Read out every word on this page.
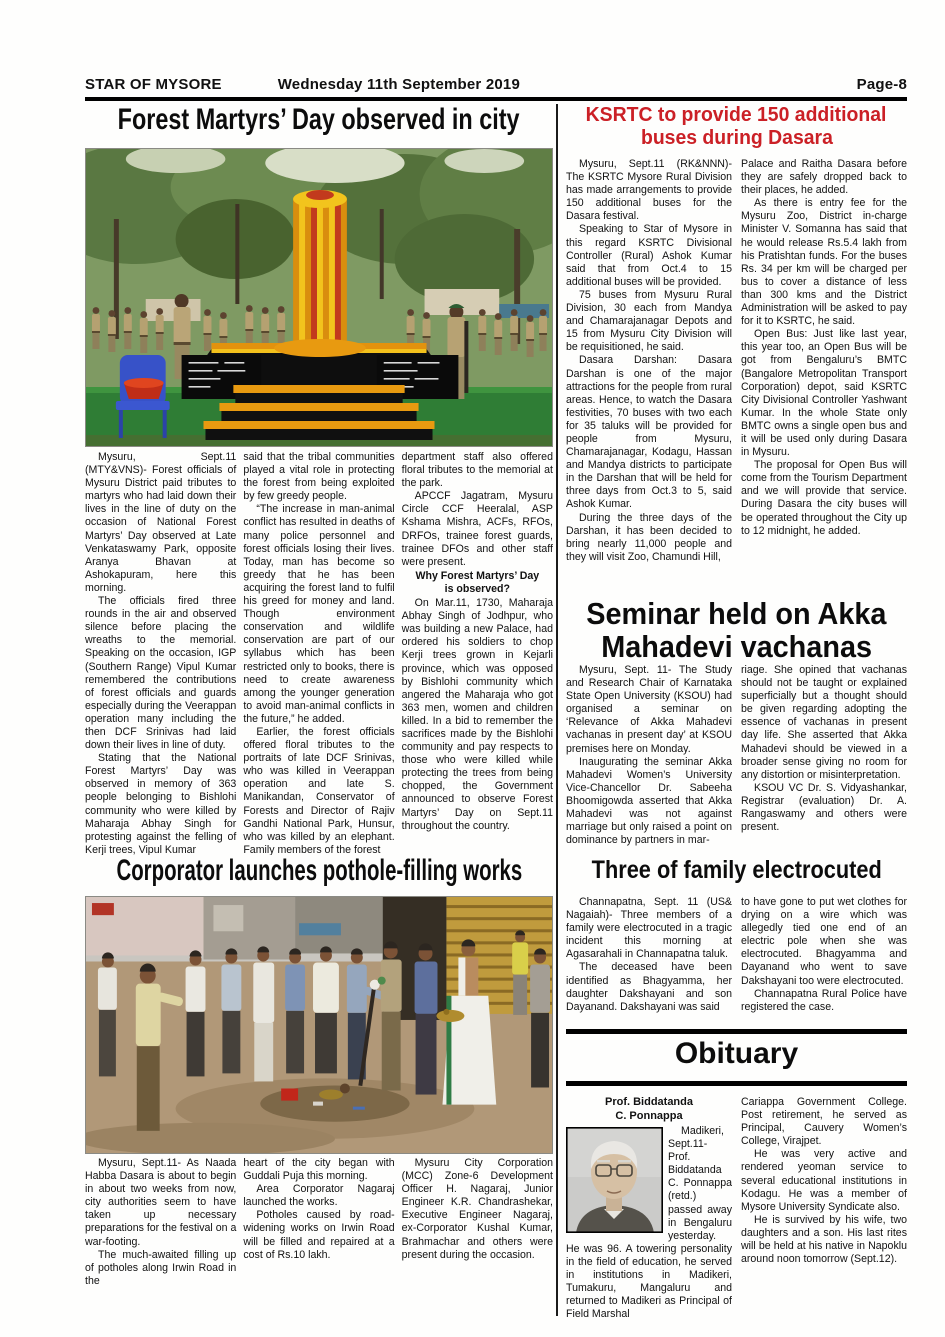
STAR OF MYSORE	Wednesday 11th September 2019	Page-8
Forest Martyrs’ Day observed in city

Mysuru, Sept.11 (MTY&VNS)- Forest officials of Mysuru District paid tributes to martyrs who had laid down their lives in the line of duty on the occasion of National Forest Martyrs’ Day observed at Late Venkataswamy Park, opposite Aranya Bhavan at Ashokapuram, here this morning.

The officials fired three rounds in the air and observed silence before placing the wreaths to the memorial. Speaking on the occasion, IGP (Southern Range) Vipul Kumar remembered the contributions of forest officials and guards especially during the Veerappan operation many including the then DCF Srinivas had laid down their lives in line of duty.

Stating that the National Forest Martyrs’ Day was observed in memory of 363 people belonging to Bishlohi community who were killed by Maharaja Abhay Singh for protesting against the felling of Kerji trees, Vipul Kumar

said that the tribal communities played a vital role in protecting the forest from being exploited by few greedy people.

“The increase in man-animal conflict has resulted in deaths of many police personnel and forest officials losing their lives. Today, man has become so greedy that he has been acquiring the forest land to fulfil his greed for money and land. Though environment conservation and wildlife conservation are part of our syllabus which has been restricted only to books, there is need to create awareness among the younger generation to avoid man-animal conflicts in the future,” he added.

Earlier, the forest officials offered floral tributes to the portraits of late DCF Srinivas, who was killed in Veerappan operation and late S. Manikandan, Conservator of Forests and Director of Rajiv Gandhi National Park, Hunsur, who was killed by an elephant. Family members of the forest

department staff also offered floral tributes to the memorial at the park.

APCCF Jagatram, Mysuru Circle CCF Heeralal, ASP Kshama Mishra, ACFs, RFOs, DRFOs, trainee forest guards, trainee DFOs and other staff were present.

Why Forest Martyrs’ Day
is observed?

On Mar.11, 1730, Maharaja Abhay Singh of Jodhpur, who was building a new Palace, had ordered his soldiers to chop Kerji trees grown in Kejarli province, which was opposed by Bishlohi community which angered the Maharaja who got 363 men, women and children killed. In a bid to remember the sacrifices made by the Bishlohi community and pay respects to those who were killed while protecting the trees from being chopped, the Government announced to observe Forest Martyrs’ Day on Sept.11 throughout the country.

Corporator launches pothole-filling works

Mysuru, Sept.11- As Naada Habba Dasara is about to begin in about two weeks from now, city authorities seem to have taken up necessary preparations for the festival on a war-footing.

The much-awaited filling up of potholes along Irwin Road in the

heart of the city began with Guddali Puja this morning.

Area Corporator Nagaraj launched the works.

Potholes caused by road-widening works on Irwin Road will be filled and repaired at a cost of Rs.10 lakh.

Mysuru City Corporation (MCC) Zone-6 Development Officer H. Nagaraj, Junior Engineer K.R. Chandrashekar, Executive Engineer Nagaraj, ex-Corporator Kushal Kumar, Brahmachar and others were present during the occasion.

KSRTC to provide 150 additional
buses during Dasara

Mysuru, Sept.11 (RK&NNN)- The KSRTC Mysore Rural Division has made arrangements to provide 150 additional buses for the Dasara festival.

Speaking to Star of Mysore in this regard KSRTC Divisional Controller (Rural) Ashok Kumar said that from Oct.4 to 15 additional buses will be provided.

75 buses from Mysuru Rural Division, 30 each from Mandya and Chamarajanagar Depots and 15 from Mysuru City Division will be requisitioned, he said.

Dasara Darshan: Dasara Darshan is one of the major attractions for the people from rural areas. Hence, to watch the Dasara festivities, 70 buses with two each for 35 taluks will be provided for people from Mysuru, Chamarajanagar, Kodagu, Hassan and Mandya districts to participate in the Darshan that will be held for three days from Oct.3 to 5, said Ashok Kumar.

During the three days of the Darshan, it has been decided to bring nearly 11,000 people and they will visit Zoo, Chamundi Hill,

Palace and Raitha Dasara before they are safely dropped back to their places, he added.

As there is entry fee for the Mysuru Zoo, District in-charge Minister V. Somanna has said that he would release Rs.5.4 lakh from his Pratishtan funds. For the buses Rs. 34 per km will be charged per bus to cover a distance of less than 300 kms and the District Administration will be asked to pay for it to KSRTC, he said.

Open Bus: Just like last year, this year too, an Open Bus will be got from Bengaluru’s BMTC (Bangalore Metropolitan Transport Corporation) depot, said KSRTC City Divisional Controller Yashwant Kumar. In the whole State only BMTC owns a single open bus and it will be used only during Dasara in Mysuru.

The proposal for Open Bus will come from the Tourism Department and we will provide that service. During Dasara the city buses will be operated throughout the City up to 12 midnight, he added.

Seminar held on Akka
Mahadevi vachanas

Mysuru, Sept. 11- The Study and Research Chair of Karnataka State Open University (KSOU) had organised a seminar on ‘Relevance of Akka Mahadevi vachanas in present day’ at KSOU premises here on Monday.

Inaugurating the seminar Akka Mahadevi Women’s University Vice-Chancellor Dr. Sabeeha Bhoomigowda asserted that Akka Mahadevi was not against marriage but only raised a point on dominance by partners in mar-

riage. She opined that vachanas should not be taught or explained superficially but a thought should be given regarding adopting the essence of vachanas in present day life. She asserted that Akka Mahadevi should be viewed in a broader sense giving no room for any distortion or misinterpretation.

KSOU VC Dr. S. Vidyashankar, Registrar (evaluation) Dr. A. Rangaswamy and others were present.

Three of family electrocuted

Channapatna, Sept. 11 (US& Nagaiah)- Three members of a family were electrocuted in a tragic incident this morning at Agasarahali in Channapatna taluk.

The deceased have been identified as Bhagyamma, her daughter Dakshayani and son Dayanand. Dakshayani was said

to have gone to put wet clothes for drying on a wire which was allegedly tied one end of an electric pole when she was electrocuted. Bhagyamma and Dayanand who went to save Dakshayani too were electrocuted.

Channapatna Rural Police have registered the case.

Obituary
Prof. Biddatanda
C. Ponnappa

Madikeri, Sept.11- Prof. Biddatanda C. Ponnappa (retd.) passed away in Bengaluru yesterday. He was 96. A towering personality in the field of education, he served in institutions in Madikeri, Tumakuru, Mangaluru and returned to Madikeri as Principal of Field Marshal

Cariappa Government College. Post retirement, he served as Principal, Cauvery Women’s College, Virajpet.

He was very active and rendered yeoman service to several educational institutions in Kodagu. He was a member of Mysore University Syndicate also.

He is survived by his wife, two daughters and a son. His last rites will be held at his native in Napoklu around noon tomorrow (Sept.12).
